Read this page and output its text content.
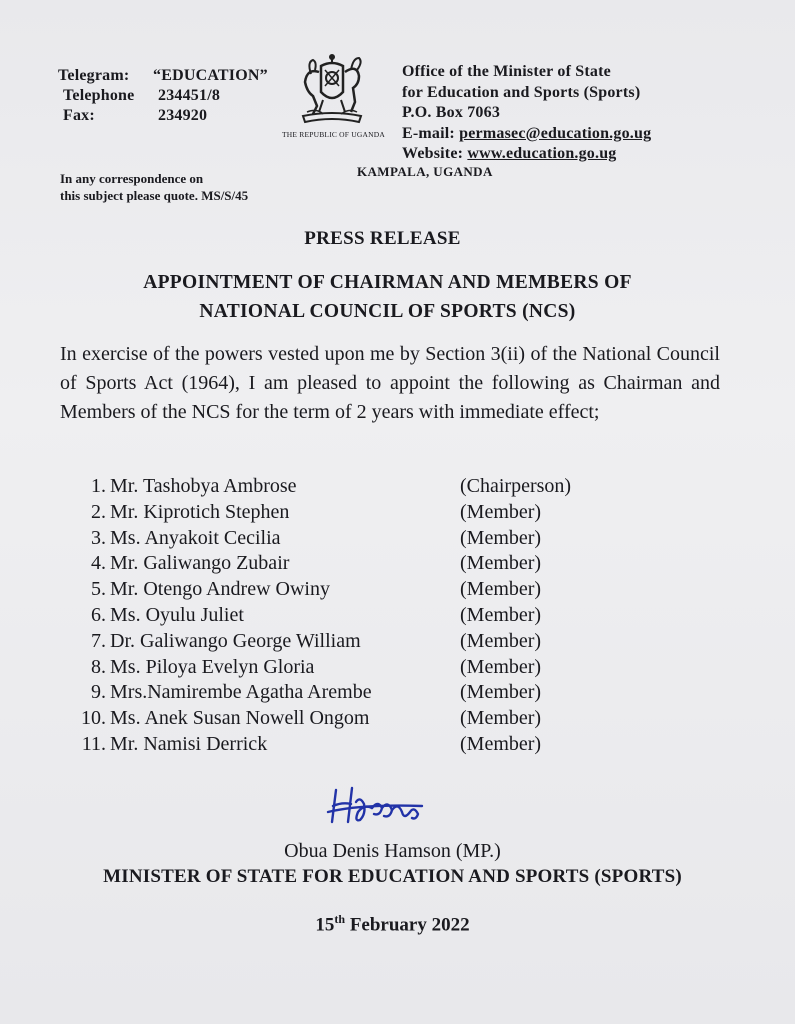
Telegram: “EDUCATION”
Telephone 234451/8
Fax:	234920
THE REPUBLIC OF UGANDA
Office of the Minister of State
for Education and Sports (Sports)
P.O. Box 7063
E-mail: permasec@education.go.ug
Website: www.education.go.ug
KAMPALA, UGANDA
In any correspondence on
this subject please quote. MS/S/45
PRESS RELEASE
APPOINTMENT OF CHAIRMAN AND MEMBERS OF
NATIONAL COUNCIL OF SPORTS (NCS)
In exercise of the powers vested upon me by Section 3(ii) of the National Council of Sports Act (1964), I am pleased to appoint the following as Chairman and Members of the NCS for the term of 2 years with immediate effect;
1. Mr. Tashobya Ambrose	(Chairperson)
2. Mr. Kiprotich Stephen	(Member)
3. Ms. Anyakoit Cecilia	(Member)
4. Mr. Galiwango Zubair	(Member)
5. Mr. Otengo Andrew Owiny	(Member)
6. Ms. Oyulu Juliet	(Member)
7. Dr. Galiwango George William	(Member)
8. Ms. Piloya Evelyn Gloria	(Member)
9. Mrs.Namirembe Agatha Arembe	(Member)
10. Ms. Anek Susan Nowell Ongom	(Member)
11. Mr. Namisi Derrick	(Member)
Obua Denis Hamson (MP.)
MINISTER OF STATE FOR EDUCATION AND SPORTS (SPORTS)
15th February 2022
